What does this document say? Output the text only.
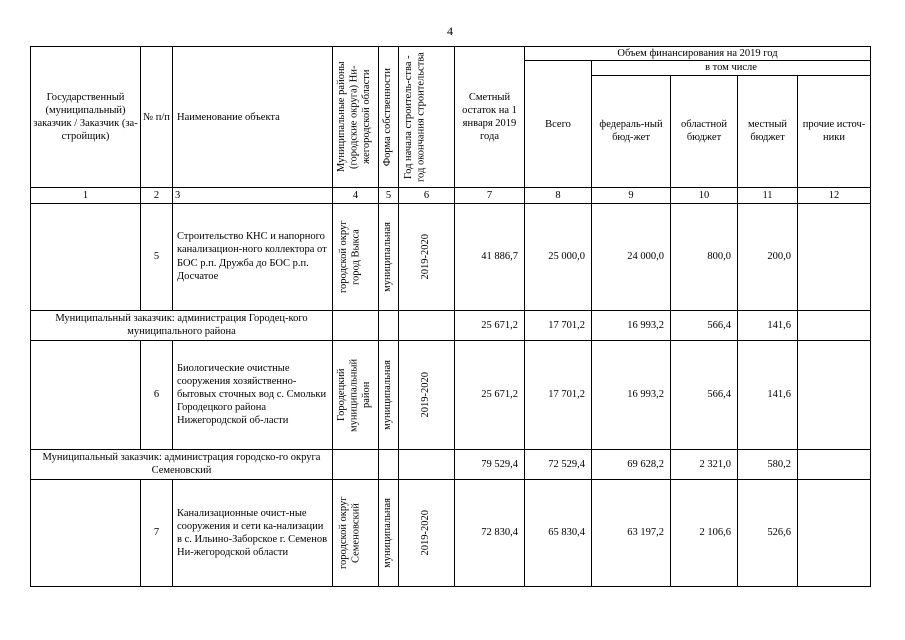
4
Государственный (муниципальный) заказчик / Заказчик (за-стройщик)	№ п/п	Наименование объекта	Муниципальные районы (городские округа) Ни-жегородской области	Форма собственности	Год начала строитель-ства - год окончания строительства	Сметный остаток на 1 января 2019 года	Объем финансирования на 2019 год				
							Всего	в том числе			
								федераль-ный бюд-жет	областной бюджет	местный бюджет	прочие источ-ники
1	2	3	4	5	6	7	8	9	10	11	12
	5	Строительство КНС и напорного канализацион-ного коллектора от БОС р.п. Дружба до БОС р.п. Досчатое	городской округ город Выкса	муниципальная	2019-2020	41 886,7	25 000,0	24 000,0	800,0	200,0	
Муниципальный заказчик: администрация Городец-кого муниципального района						25 671,2	17 701,2	16 993,2	566,4	141,6	
	6	Биологические очистные сооружения хозяйственно-бытовых сточных вод с. Смольки Городецкого района Нижегородской об-ласти	Городецкий муниципальный район	муниципальная	2019-2020	25 671,2	17 701,2	16 993,2	566,4	141,6	
Муниципальный заказчик: администрация городско-го округа Семеновский						79 529,4	72 529,4	69 628,2	2 321,0	580,2	
	7	Канализационные очист-ные сооружения и сети ка-нализации в с. Ильино-Заборское г. Семенов Ни-жегородской области	городской округ Семеновский	муниципальная	2019-2020	72 830,4	65 830,4	63 197,2	2 106,6	526,6	
